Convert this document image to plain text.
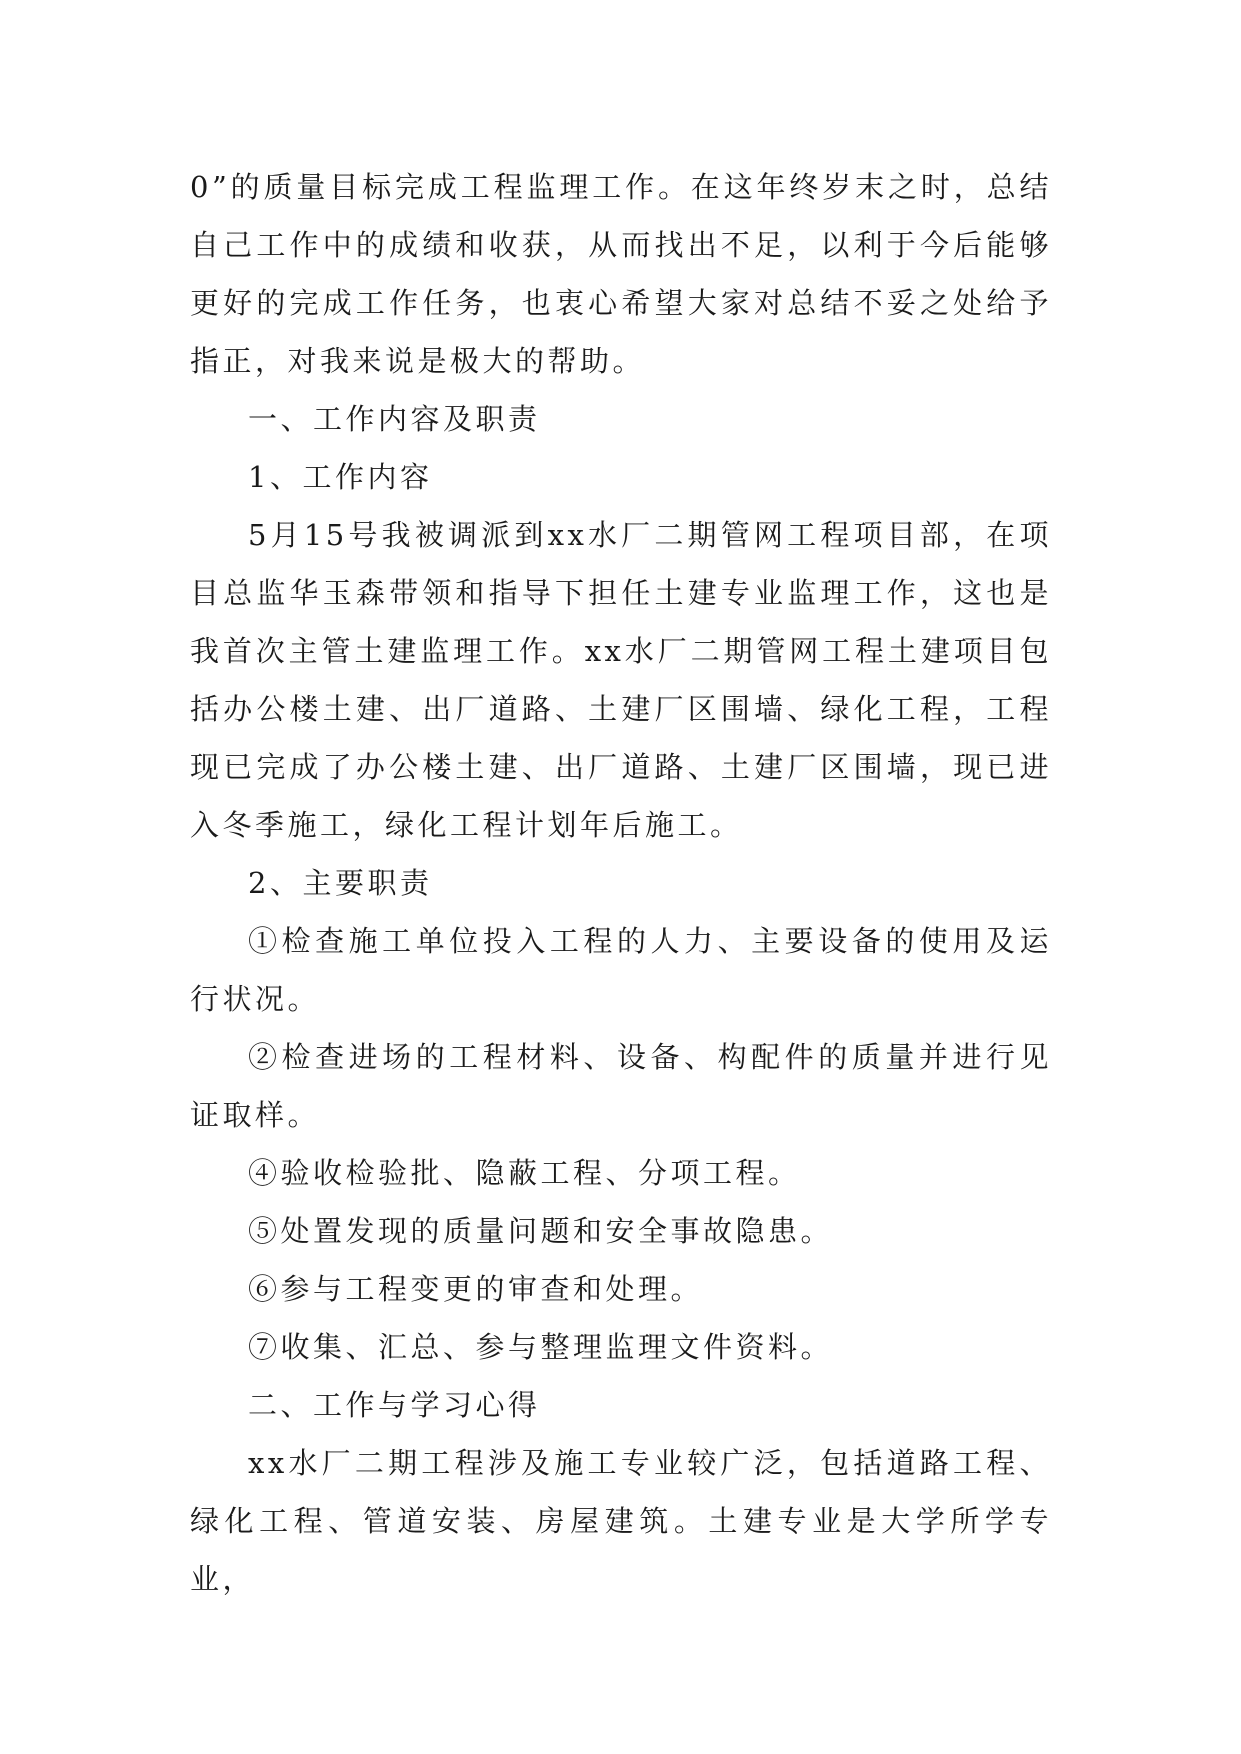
0”的质量目标完成工程监理工作。在这年终岁末之时，总结自己工作中的成绩和收获，从而找出不足，以利于今后能够更好的完成工作任务，也衷心希望大家对总结不妥之处给予指正，对我来说是极大的帮助。

一、工作内容及职责

1、工作内容

5月15号我被调派到xx水厂二期管网工程项目部，在项目总监华玉森带领和指导下担任土建专业监理工作，这也是我首次主管土建监理工作。xx水厂二期管网工程土建项目包括办公楼土建、出厂道路、土建厂区围墙、绿化工程，工程现已完成了办公楼土建、出厂道路、土建厂区围墙，现已进入冬季施工，绿化工程计划年后施工。

2、主要职责

①检查施工单位投入工程的人力、主要设备的使用及运行状况。

②检查进场的工程材料、设备、构配件的质量并进行见证取样。

④验收检验批、隐蔽工程、分项工程。

⑤处置发现的质量问题和安全事故隐患。

⑥参与工程变更的审查和处理。

⑦收集、汇总、参与整理监理文件资料。

二、工作与学习心得

xx水厂二期工程涉及施工专业较广泛，包括道路工程、绿化工程、管道安装、房屋建筑。土建专业是大学所学专业，
